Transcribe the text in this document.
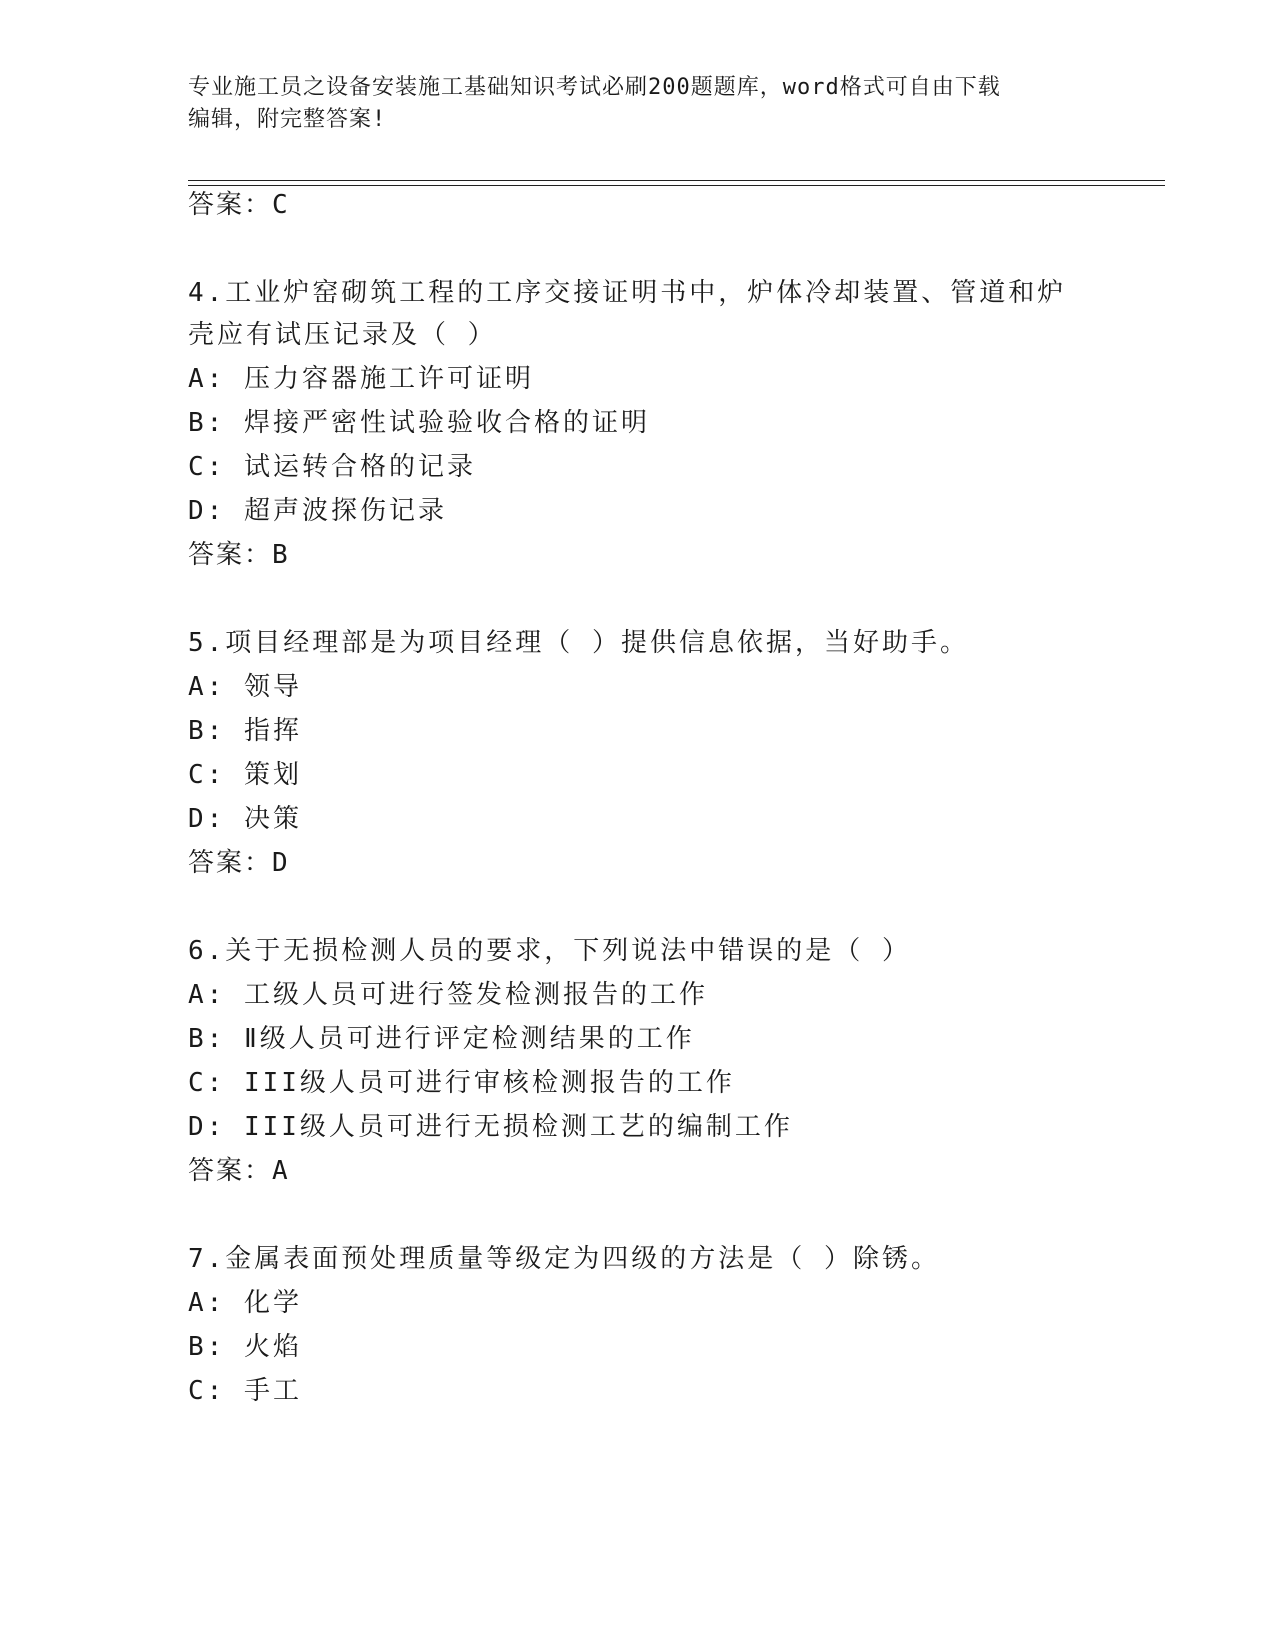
专业施工员之设备安装施工基础知识考试必刷200题题库，word格式可自由下载
编辑，附完整答案!
答案：C
4.工业炉窑砌筑工程的工序交接证明书中，炉体冷却装置、管道和炉
壳应有试压记录及（ ）
A: 压力容器施工许可证明
B: 焊接严密性试验验收合格的证明
C: 试运转合格的记录
D: 超声波探伤记录
答案：B
5.项目经理部是为项目经理（ ）提供信息依据，当好助手。
A: 领导
B: 指挥
C: 策划
D: 决策
答案：D
6.关于无损检测人员的要求，下列说法中错误的是（ ）
A: 工级人员可进行签发检测报告的工作
B: Ⅱ级人员可进行评定检测结果的工作
C: III级人员可进行审核检测报告的工作
D: III级人员可进行无损检测工艺的编制工作
答案：A
7.金属表面预处理质量等级定为四级的方法是（ ）除锈。
A: 化学
B: 火焰
C: 手工
